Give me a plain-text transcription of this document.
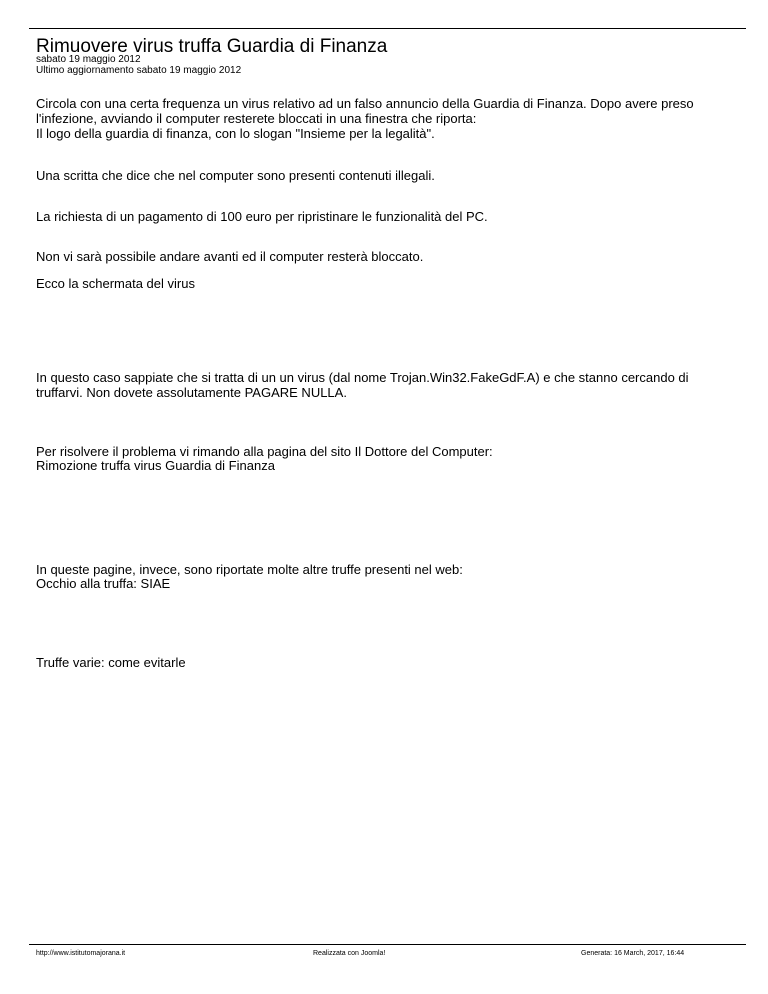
Rimuovere virus truffa Guardia di Finanza
sabato 19 maggio 2012
Ultimo aggiornamento sabato 19 maggio 2012
Circola con una certa frequenza un virus relativo ad un falso annuncio della Guardia di Finanza. Dopo avere preso
l'infezione, avviando il computer resterete bloccati in una finestra che riporta:
Il logo della guardia di finanza, con lo slogan "Insieme per la legalità".
Una scritta che dice che nel computer sono presenti contenuti illegali.
La richiesta di un pagamento di 100 euro per ripristinare le funzionalità del PC.
Non vi sarà possibile andare avanti ed il computer resterà bloccato.
Ecco la schermata del virus
In questo caso sappiate che si tratta di un un virus (dal nome Trojan.Win32.FakeGdF.A) e che stanno cercando di
truffarvi. Non dovete assolutamente PAGARE NULLA.
Per risolvere il problema vi rimando alla pagina del sito Il Dottore del Computer:
Rimozione truffa virus Guardia di Finanza
In queste pagine, invece, sono riportate molte altre truffe presenti nel web:
Occhio alla truffa: SIAE
Truffe varie: come evitarle
http://www.istitutomajorana.it	Realizzata con Joomla!	Generata: 16 March, 2017, 16:44
